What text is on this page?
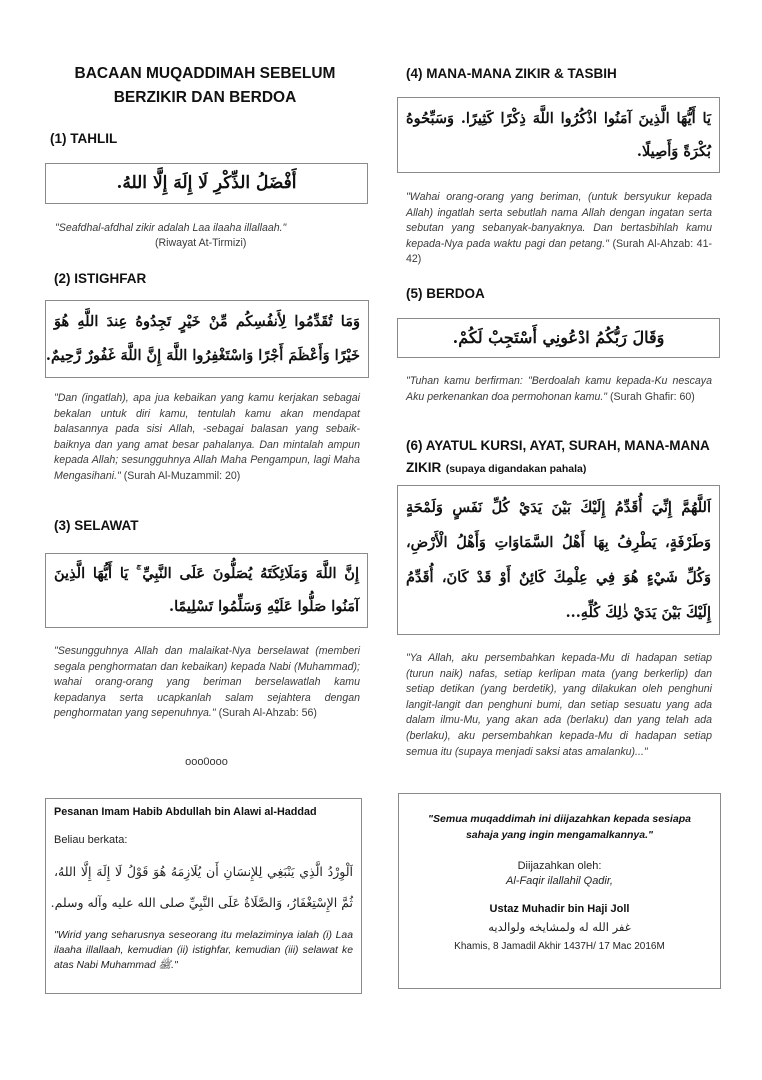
BACAAN MUQADDIMAH SEBELUM
BERZIKIR DAN BERDOA
(1) TAHLIL
أَفْضَلُ الذِّكْرِ لَا إِلَهَ إِلَّا اللهُ.
"Seafdhal-afdhal zikir adalah Laa ilaaha illallaah."
(Riwayat At-Tirmizi)
(2) ISTIGHFAR
وَمَا تُقَدِّمُوا لِأَنفُسِكُم مِّنْ خَيْرٍ تَجِدُوهُ عِندَ اللَّهِ هُوَ
خَيْرًا وَأَعْظَمَ أَجْرًا وَاسْتَغْفِرُوا اللَّهَ إِنَّ اللَّهَ غَفُورٌ رَّحِيمٌ.
"Dan (ingatlah), apa jua kebaikan yang kamu kerjakan sebagai bekalan untuk diri kamu, tentulah kamu akan mendapat balasannya pada sisi Allah, -sebagai balasan yang sebaik-baiknya dan yang amat besar pahalanya. Dan mintalah ampun kepada Allah; sesungguhnya Allah Maha Pengampun, lagi Maha Mengasihani." (Surah Al-Muzammil: 20)
(3) SELAWAT
إِنَّ اللَّهَ وَمَلَائِكَتَهُ يُصَلُّونَ عَلَى النَّبِيِّ ۚ يَا أَيُّهَا الَّذِينَ
آمَنُوا صَلُّوا عَلَيْهِ وَسَلِّمُوا تَسْلِيمًا.
"Sesungguhnya Allah dan malaikat-Nya berselawat (memberi segala penghormatan dan kebaikan) kepada Nabi (Muhammad); wahai orang-orang yang beriman berselawatlah kamu kepadanya serta ucapkanlah salam sejahtera dengan penghormatan yang sepenuhnya." (Surah Al-Ahzab: 56)
ooo0ooo
Pesanan Imam Habib Abdullah bin Alawi al-Haddad
Beliau berkata:
اَلْوِرْدُ الَّذِي يَنْبَغِي لِلإِنسَانِ أَن يُلَازِمَهُ هُوَ قَوْلُ لَا إِلَهَ إِلَّا اللهُ،
ثُمَّ الإِسْتِغْفَارُ، وَالصَّلَاةُ عَلَى النَّبِيِّ صلى الله عليه وآله وسلم.
"Wirid yang seharusnya seseorang itu melaziminya ialah (i) Laa ilaaha illallaah, kemudian (ii) istighfar, kemudian (iii) selawat ke atas Nabi Muhammad ﷺ."
(4) MANA-MANA ZIKIR & TASBIH
يَا أَيُّهَا الَّذِينَ آمَنُوا اذْكُرُوا اللَّهَ ذِكْرًا كَثِيرًا. وَسَبِّحُوهُ
بُكْرَةً وَأَصِيلًا.
"Wahai orang-orang yang beriman, (untuk bersyukur kepada Allah) ingatlah serta sebutlah nama Allah dengan ingatan serta sebutan yang sebanyak-banyaknya. Dan bertasbihlah kamu kepada-Nya pada waktu pagi dan petang." (Surah Al-Ahzab: 41-42)
(5) BERDOA
وَقَالَ رَبُّكُمُ ادْعُونِي أَسْتَجِبْ لَكُمْ.
"Tuhan kamu berfirman: "Berdoalah kamu kepada-Ku nescaya Aku perkenankan doa permohonan kamu." (Surah Ghafir: 60)
(6) AYATUL KURSI, AYAT, SURAH, MANA-MANA ZIKIR (supaya digandakan pahala)
اَللَّهُمَّ إِنِّيَ أُقَدِّمُ إِلَيْكَ بَيْنَ يَدَيْ كُلِّ نَفَسٍ وَلَمْحَةٍ
وَطَرْفَةٍ، يَطْرِفُ بِهَا أَهْلُ السَّمَاوَاتِ وَأَهْلُ الْأَرْضِ،
وَكُلِّ شَيْءٍ هُوَ فِي عِلْمِكَ كَائِنٌ أَوْ قَدْ كَانَ، أُقَدِّمُ
إِلَيْكَ بَيْنَ يَدَيْ ذٰلِكَ كُلِّهِ...
"Ya Allah, aku persembahkan kepada-Mu di hadapan setiap (turun naik) nafas, setiap kerlipan mata (yang berkerlip) dan setiap detikan (yang berdetik), yang dilakukan oleh penghuni langit-langit dan penghuni bumi, dan setiap sesuatu yang ada dalam ilmu-Mu, yang akan ada (berlaku) dan yang telah ada (berlaku), aku persembahkan kepada-Mu di hadapan setiap semua itu (supaya menjadi saksi atas amalanku)..."
"Semua muqaddimah ini diijazahkan kepada sesiapa
sahaja yang ingin mengamalkannya."
Diijazahkan oleh:
Al-Faqir ilallahil Qadir,
Ustaz Muhadir bin Haji Joll
غفر الله له ولمشايخه ولوالديه
Khamis, 8 Jamadil Akhir 1437H/ 17 Mac 2016M
